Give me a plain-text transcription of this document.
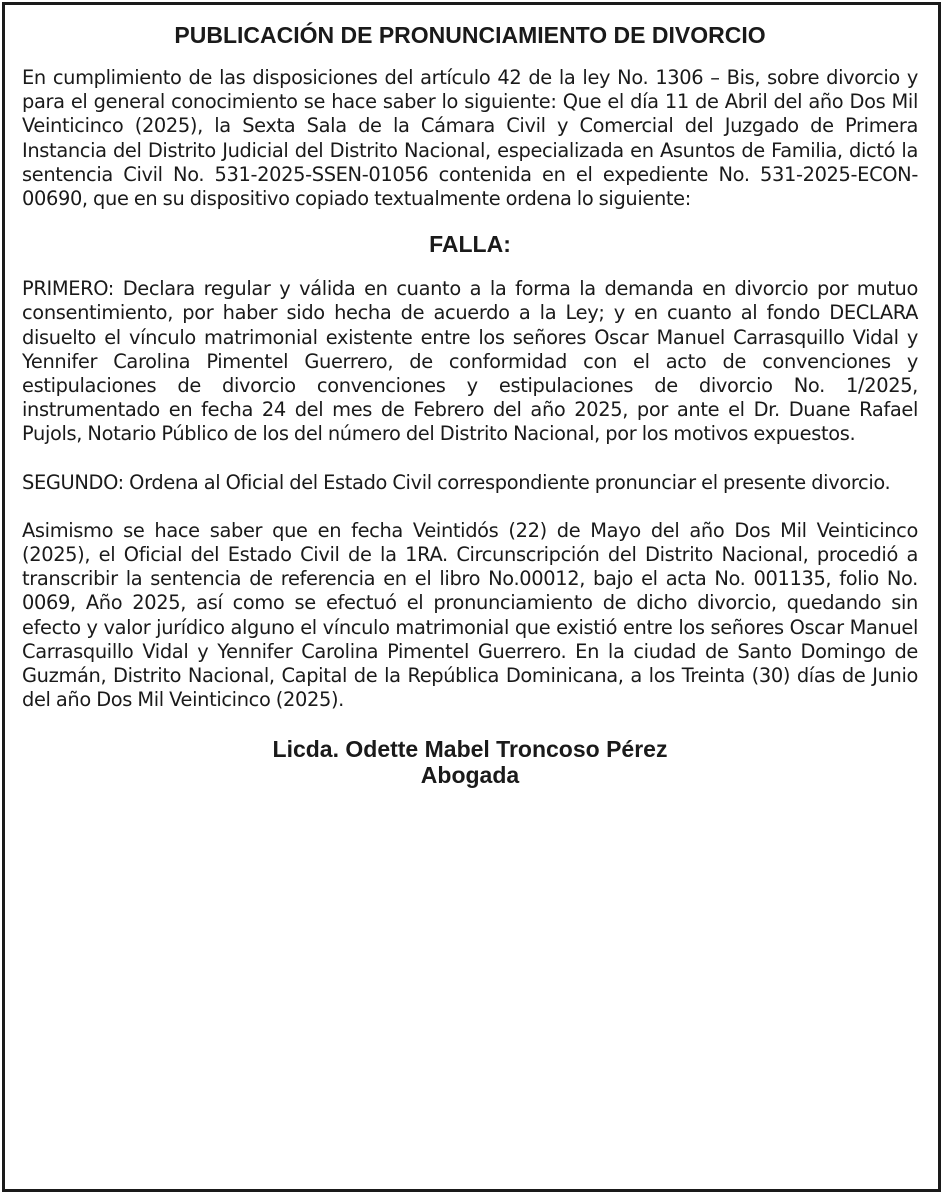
PUBLICACIÓN DE PRONUNCIAMIENTO DE DIVORCIO

En cumplimiento de las disposiciones del artículo 42 de la ley No. 1306 – Bis, sobre divorcio y para el general conocimiento se hace saber lo siguiente: Que el día 11 de Abril del año Dos Mil Veinticinco (2025), la Sexta Sala de la Cámara Civil y Comercial del Juzgado de Primera Instancia del Distrito Judicial del Distrito Nacional, especializada en Asuntos de Familia, dictó la sentencia Civil No. 531-2025-SSEN-01056 contenida en el expediente No. 531-2025-ECON-00690, que en su dispositivo copiado textualmente ordena lo siguiente:

FALLA:

PRIMERO: Declara regular y válida en cuanto a la forma la demanda en divorcio por mutuo consentimiento, por haber sido hecha de acuerdo a la Ley; y en cuanto al fondo DECLARA disuelto el vínculo matrimonial existente entre los señores Oscar Manuel Carrasquillo Vidal y Yennifer Carolina Pimentel Guerrero, de conformidad con el acto de convenciones y estipulaciones de divorcio convenciones y estipulaciones de divorcio No. 1/2025, instrumentado en fecha 24 del mes de Febrero del año 2025, por ante el Dr. Duane Rafael Pujols, Notario Público de los del número del Distrito Nacional, por los motivos expuestos.

SEGUNDO: Ordena al Oficial del Estado Civil correspondiente pronunciar el presente divorcio.

Asimismo se hace saber que en fecha Veintidós (22) de Mayo del año Dos Mil Veinticinco (2025), el Oficial del Estado Civil de la 1RA. Circunscripción del Distrito Nacional, procedió a transcribir la sentencia de referencia en el libro No.00012, bajo el acta No. 001135, folio No. 0069, Año 2025, así como se efectuó el pronunciamiento de dicho divorcio, quedando sin efecto y valor jurídico alguno el vínculo matrimonial que existió entre los señores Oscar Manuel Carrasquillo Vidal y Yennifer Carolina Pimentel Guerrero. En la ciudad de Santo Domingo de Guzmán, Distrito Nacional, Capital de la República Dominicana, a los Treinta (30) días de Junio del año Dos Mil Veinticinco (2025).

Licda. Odette Mabel Troncoso Pérez
Abogada
